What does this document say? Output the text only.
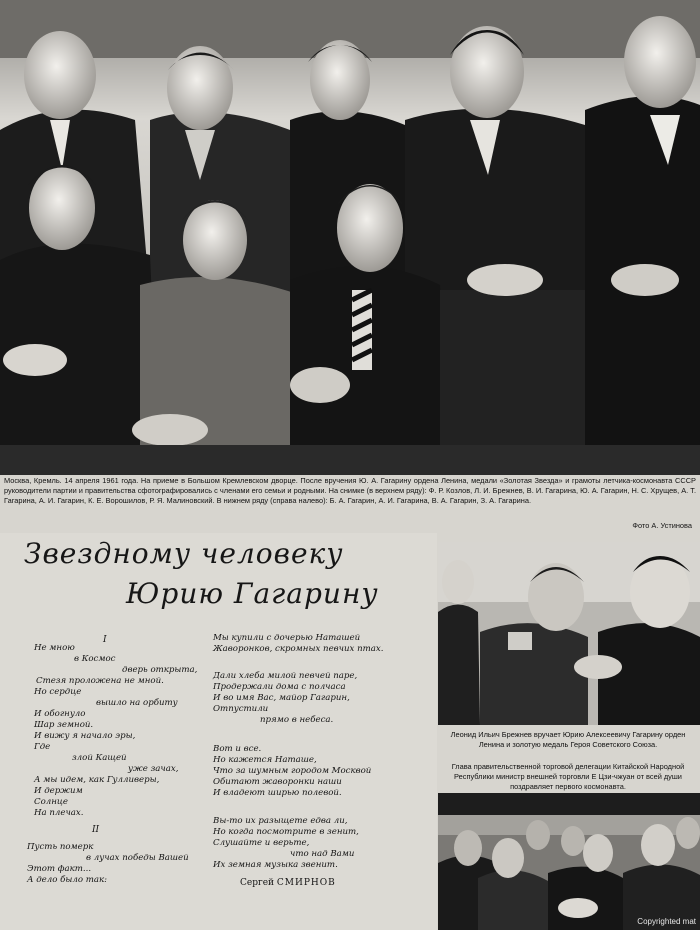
Москва, Кремль. 14 апреля 1961 года. На приеме в Большом Кремлевском дворце. После вручения Ю. А. Гагарину ордена Ленина, медали «Золотая Звезда» и грамоты летчика-космонавта СССР руководители партии и правительства сфотографировались с членами его семьи и родными. На снимке (в верхнем ряду): Ф. Р. Козлов, Л. И. Брежнев, В. И. Гагарина, Ю. А. Гагарин, Н. С. Хрущев, А. Т. Гагарина, А. И. Гагарин, К. Е. Ворошилов, Р. Я. Малиновский. В нижнем ряду (справа налево): Б. А. Гагарин, А. И. Гагарина, В. А. Гагарин, З. А. Гагарина.
Фото А. Устинова
Звездному человеку
Юрию Гагарину
I
II
Не мною
в Космос
дверь открыта,
Стезя проложена не мной.
Но сердце
вышло на орбиту
И обогнуло
Шар земной.
И вижу я начало эры,
Где
злой Кащей
уже зачах,
А мы идем, как Гулливеры,
И держим
Солнце
На плечах.
Пусть померк
в лучах победы Вашей
Этот факт...
А дело было так:
Мы купили с дочерью Наташей
Жаворонков, скромных певчих птах.
Дали хлеба милой певчей паре,
Продержали дома с полчаса
И во имя Вас, майор Гагарин,
Отпустили
прямо в небеса.
Вот и все.
Но кажется Наташе,
Что за шумным городом Москвой
Обитают жаворонки наши
И владеют ширью полевой.
Вы-то их разыщете едва ли,
Но когда посмотрите в зенит,
Слушайте и верьте,
что над Вами
Их земная музыка звенит.
Сергей СМИРНОВ
Леонид Ильич Брежнев вручает Юрию Алексеевичу Гагарину орден Ленина и золотую медаль Героя Советского Союза.
Глава правительственной торговой делегации Китайской Народной Республики министр внешней торговли Е Цзи-чжуан от всей души поздравляет первого космонавта.
Copyrighted mat
